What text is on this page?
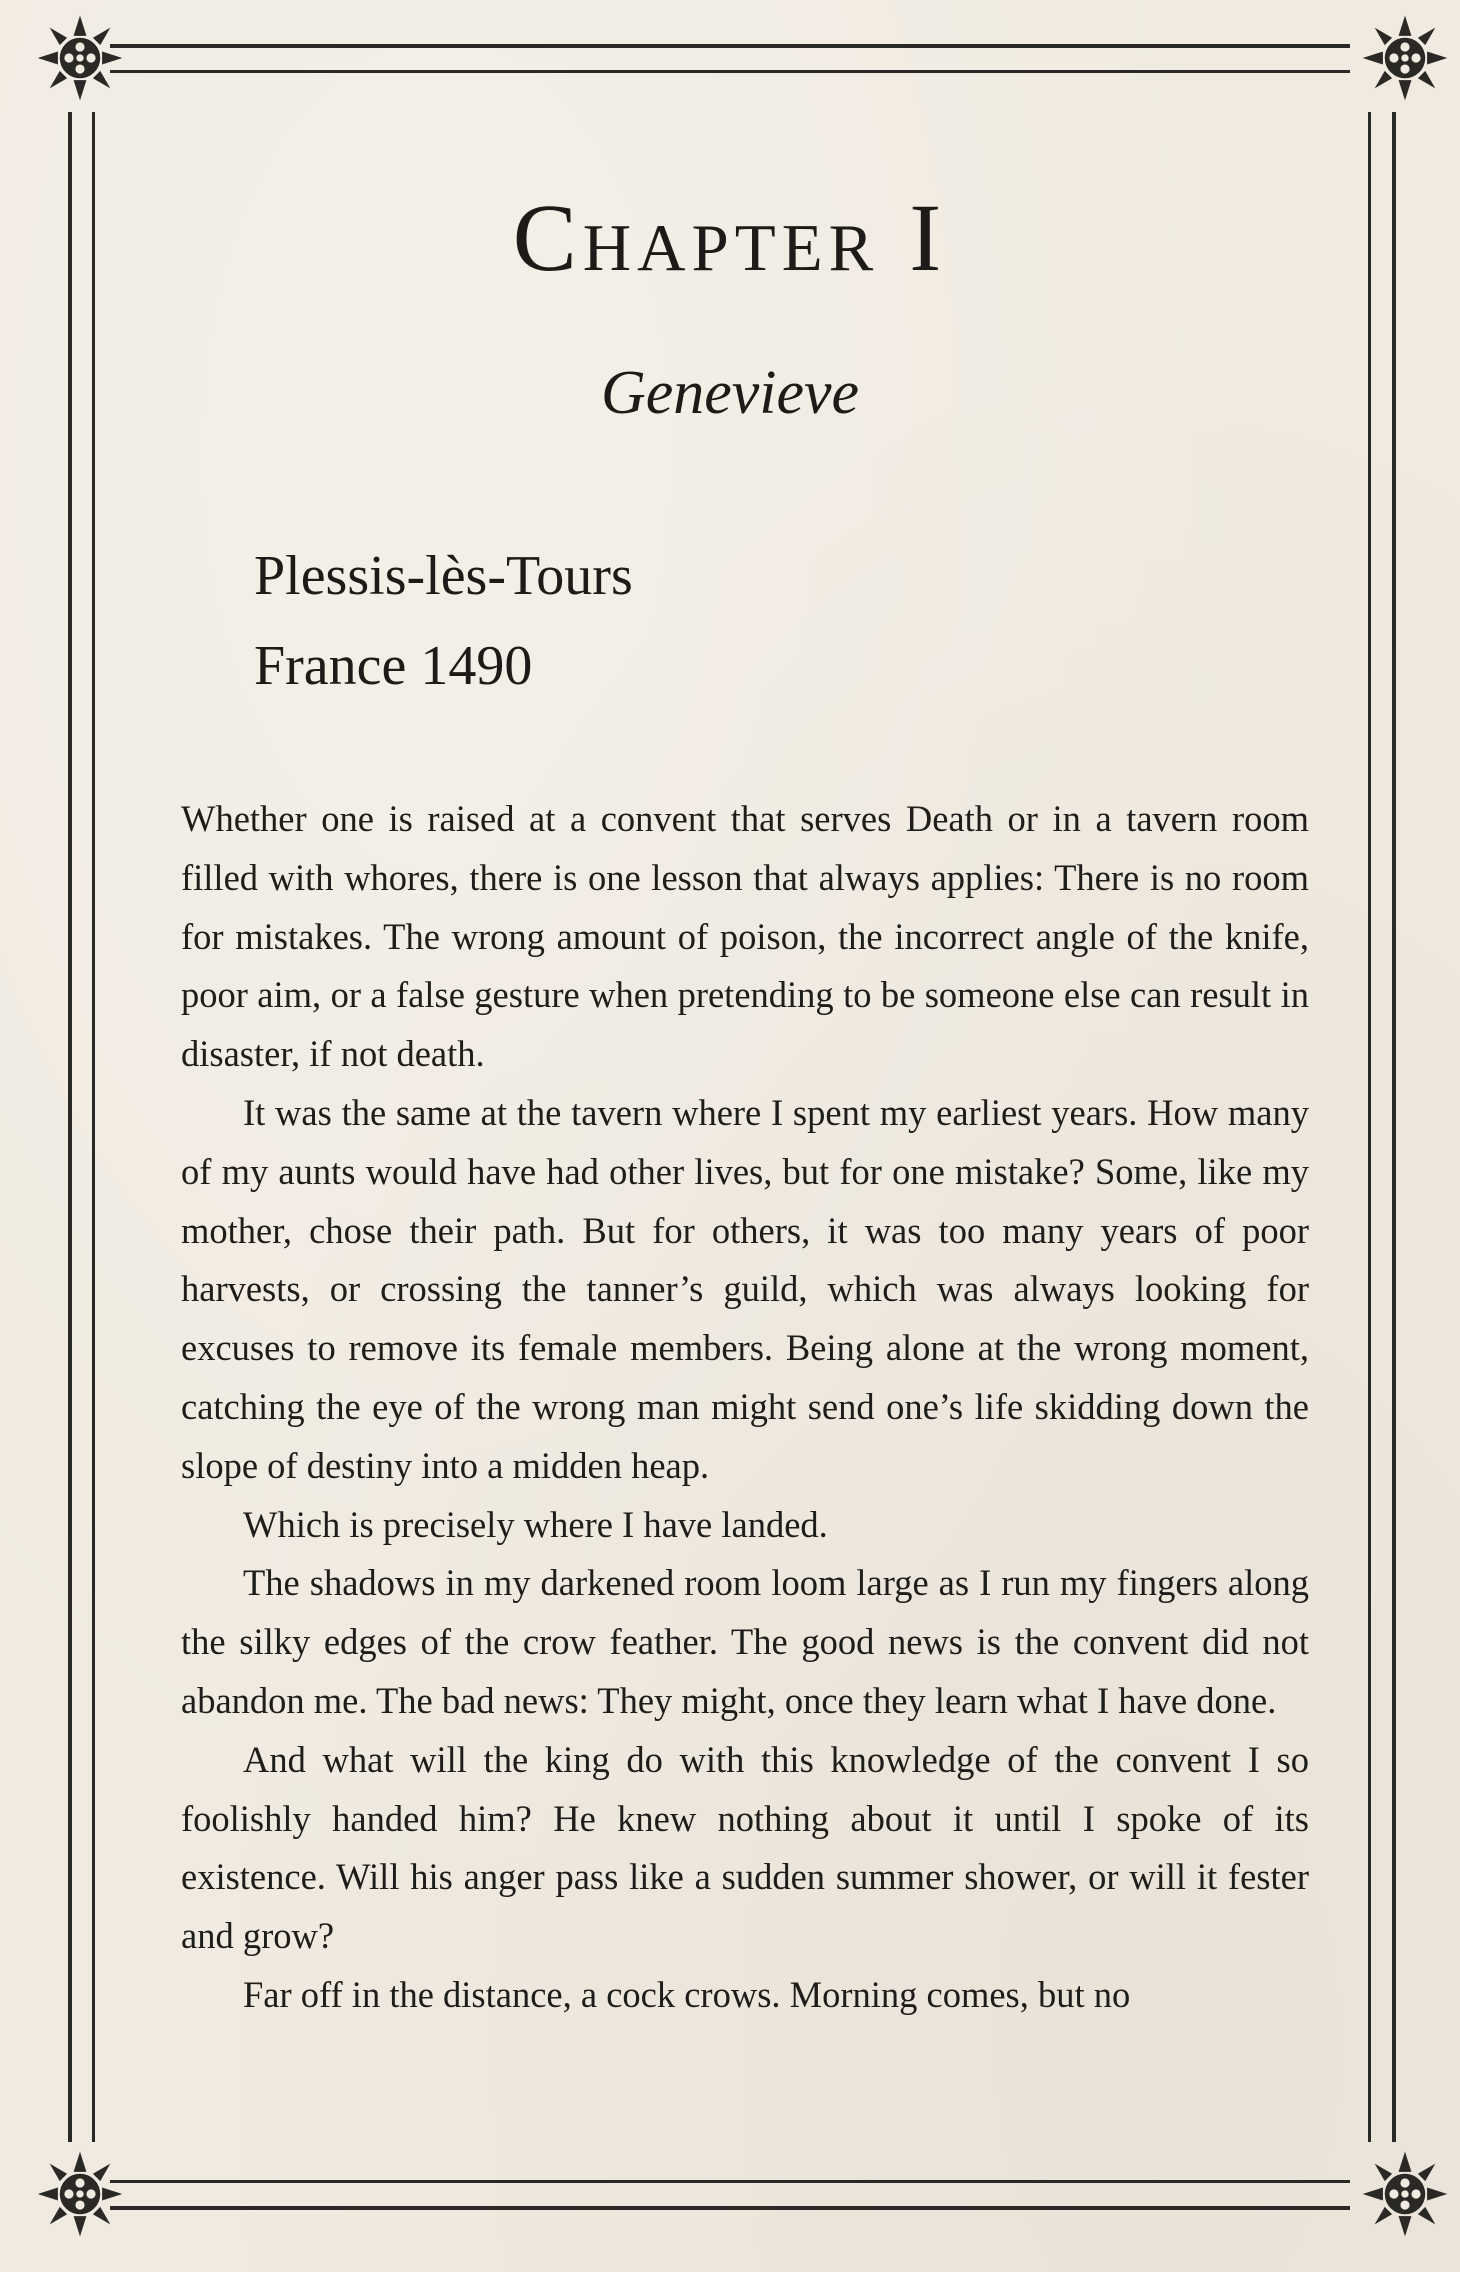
Chapter I
Genevieve
Plessis-lès-Tours
France 1490

Whether one is raised at a convent that serves Death or in a tavern room filled with whores, there is one lesson that always applies: There is no room for mistakes. The wrong amount of poison, the incorrect angle of the knife, poor aim, or a false gesture when pretending to be someone else can result in disaster, if not death.

It was the same at the tavern where I spent my earliest years. How many of my aunts would have had other lives, but for one mistake? Some, like my mother, chose their path. But for others, it was too many years of poor harvests, or crossing the tanner’s guild, which was always looking for excuses to remove its female members. Being alone at the wrong moment, catching the eye of the wrong man might send one’s life skidding down the slope of destiny into a midden heap.

Which is precisely where I have landed.

The shadows in my darkened room loom large as I run my fingers along the silky edges of the crow feather. The good news is the convent did not abandon me. The bad news: They might, once they learn what I have done.

And what will the king do with this knowledge of the convent I so foolishly handed him? He knew nothing about it until I spoke of its existence. Will his anger pass like a sudden summer shower, or will it fester and grow?

Far off in the distance, a cock crows. Morning comes, but no
